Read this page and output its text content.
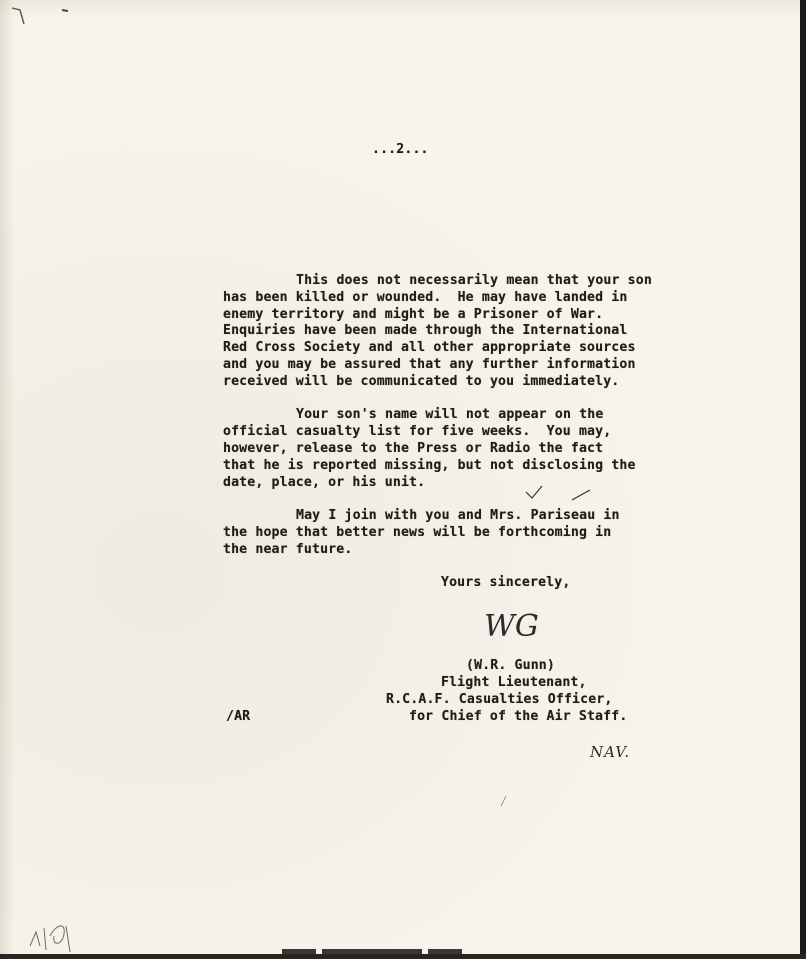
...2...
This does not necessarily mean that your son
has been killed or wounded.  He may have landed in
enemy territory and might be a Prisoner of War.
Enquiries have been made through the International
Red Cross Society and all other appropriate sources
and you may be assured that any further information
received will be communicated to you immediately.
Your son's name will not appear on the
official casualty list for five weeks.  You may,
however, release to the Press or Radio the fact
that he is reported missing, but not disclosing the
date, place, or his unit.
May I join with you and Mrs. Pariseau in
the hope that better news will be forthcoming in
the near future.
Yours sincerely,
WG
(W.R. Gunn)
Flight Lieutenant,
R.C.A.F. Casualties Officer,
for Chief of the Air Staff.
/AR
NAV.
